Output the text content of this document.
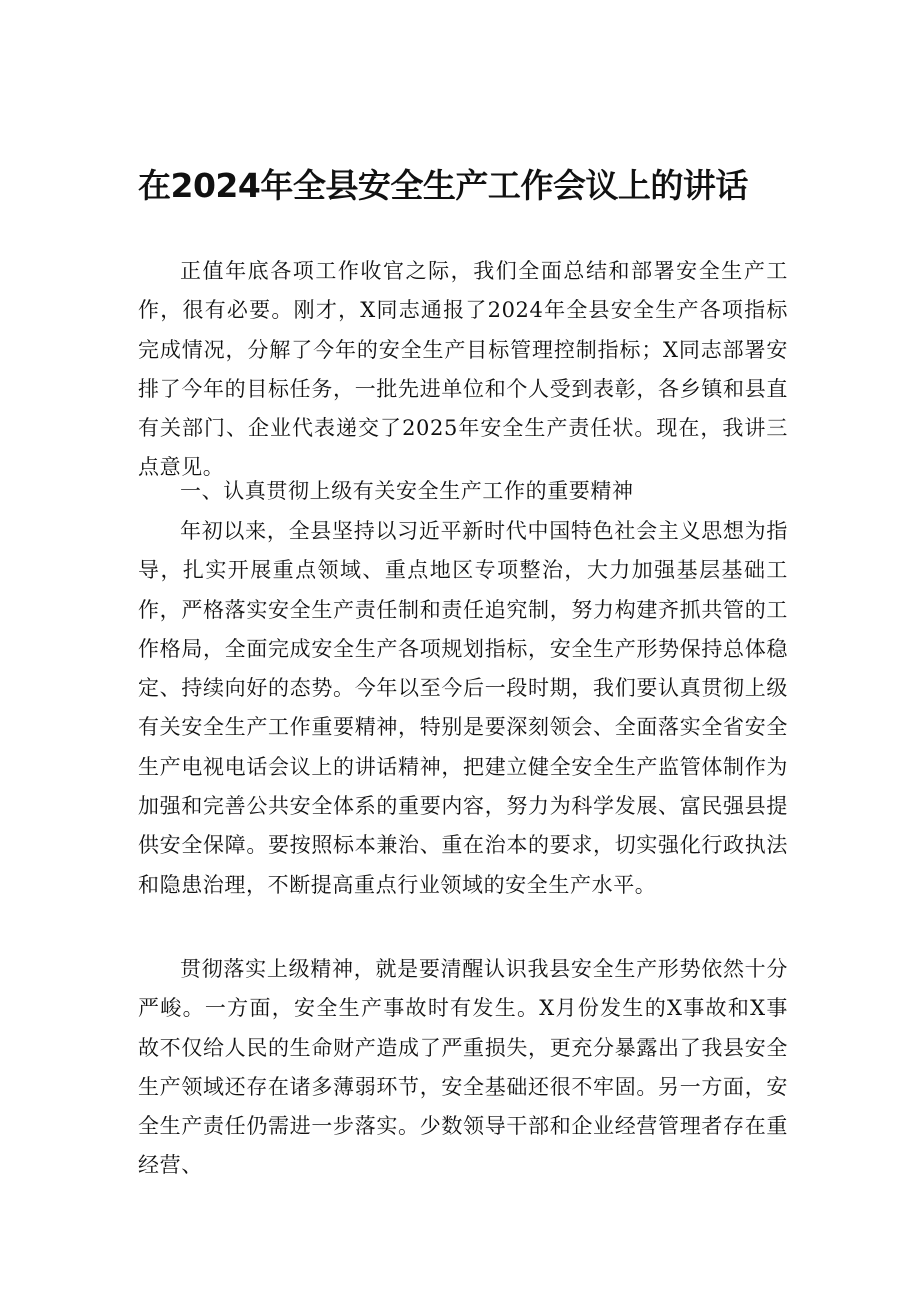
在2024年全县安全生产工作会议上的讲话

正值年底各项工作收官之际，我们全面总结和部署安全生产工作，很有必要。刚才，X同志通报了2024年全县安全生产各项指标完成情况，分解了今年的安全生产目标管理控制指标；X同志部署安排了今年的目标任务，一批先进单位和个人受到表彰，各乡镇和县直有关部门、企业代表递交了2025年安全生产责任状。现在，我讲三点意见。

一、认真贯彻上级有关安全生产工作的重要精神

年初以来，全县坚持以习近平新时代中国特色社会主义思想为指导，扎实开展重点领域、重点地区专项整治，大力加强基层基础工作，严格落实安全生产责任制和责任追究制，努力构建齐抓共管的工作格局，全面完成安全生产各项规划指标，安全生产形势保持总体稳定、持续向好的态势。今年以至今后一段时期，我们要认真贯彻上级有关安全生产工作重要精神，特别是要深刻领会、全面落实全省安全生产电视电话会议上的讲话精神，把建立健全安全生产监管体制作为加强和完善公共安全体系的重要内容，努力为科学发展、富民强县提供安全保障。要按照标本兼治、重在治本的要求，切实强化行政执法和隐患治理，不断提高重点行业领域的安全生产水平。

贯彻落实上级精神，就是要清醒认识我县安全生产形势依然十分严峻。一方面，安全生产事故时有发生。X月份发生的X事故和X事故不仅给人民的生命财产造成了严重损失，更充分暴露出了我县安全生产领域还存在诸多薄弱环节，安全基础还很不牢固。另一方面，安全生产责任仍需进一步落实。少数领导干部和企业经营管理者存在重经营、
